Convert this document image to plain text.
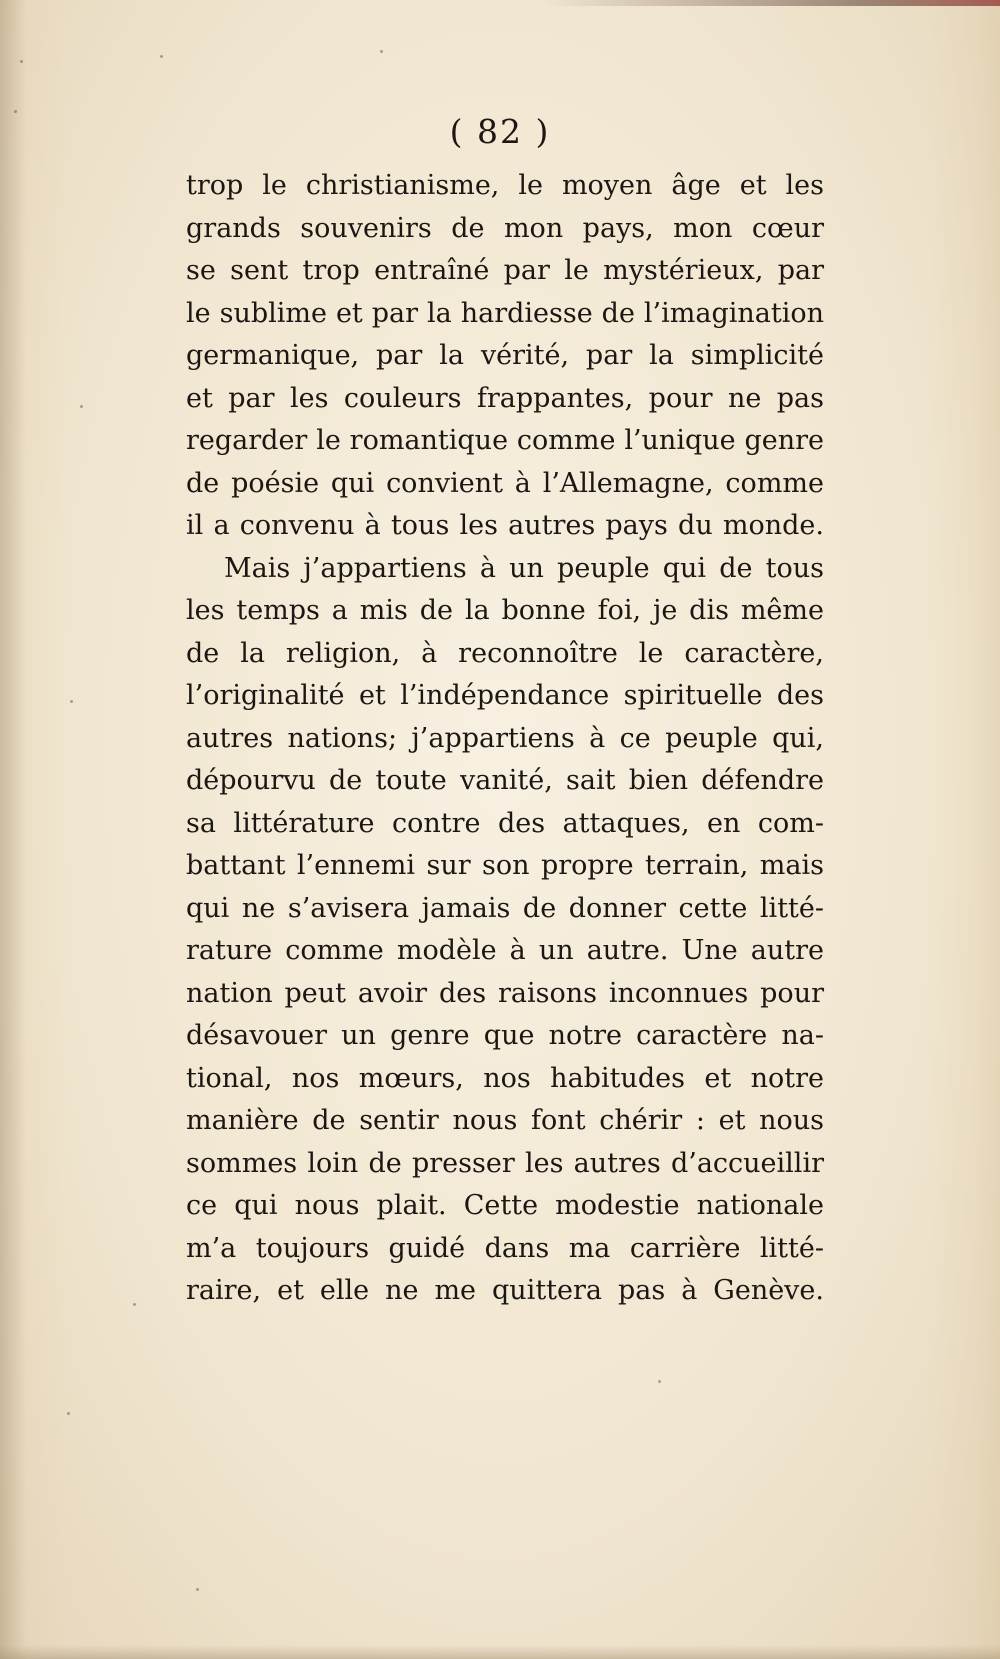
( 82 )
trop le christianisme, le moyen âge et les
grands souvenirs de mon pays, mon cœur
se sent trop entraîné par le mystérieux, par
le sublime et par la hardiesse de l’imagination
germanique, par la vérité, par la simplicité
et par les couleurs frappantes, pour ne pas
regarder le romantique comme l’unique genre
de poésie qui convient à l’Allemagne, comme
il a convenu à tous les autres pays du monde.
Mais j’appartiens à un peuple qui de tous
les temps a mis de la bonne foi, je dis même
de la religion, à reconnoître le caractère,
l’originalité et l’indépendance spirituelle des
autres nations; j’appartiens à ce peuple qui,
dépourvu de toute vanité, sait bien défendre
sa littérature contre des attaques, en com-
battant l’ennemi sur son propre terrain, mais
qui ne s’avisera jamais de donner cette litté-
rature comme modèle à un autre. Une autre
nation peut avoir des raisons inconnues pour
désavouer un genre que notre caractère na-
tional, nos mœurs, nos habitudes et notre
manière de sentir nous font chérir : et nous
sommes loin de presser les autres d’accueillir
ce qui nous plait. Cette modestie nationale
m’a toujours guidé dans ma carrière litté-
raire, et elle ne me quittera pas à Genève.
